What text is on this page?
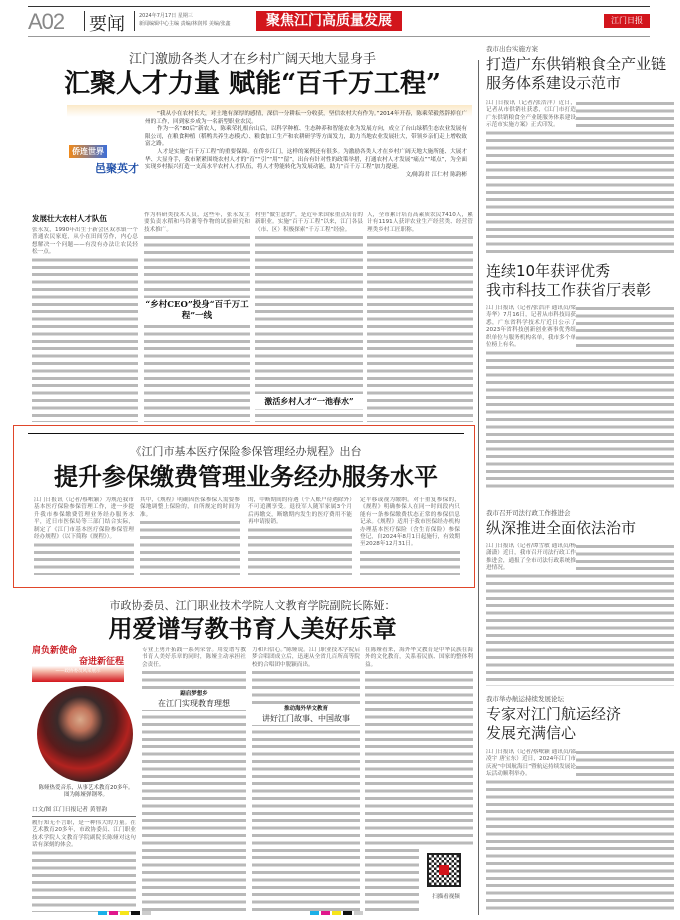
A02 要闻	2024年7月17日 星期三
新闻编辑中心主编 责编/林润邦 美编/张鑫	聚焦江门高质量发展	江门日报
江门激励各类人才在乡村广阔天地大显身手
汇聚人才力量 赋能“百千万工程”
侨连世界
邑聚英才

“我从小在农村长大，对土地有深厚的感情，深信一分耕耘一分收获，坚信农村大有作为。”2014年开春，陈乘荣毅然辞掉在广州的工作，回到家乡成为一名新型职业农民。

作为一名“80后”新农人，陈乘荣扎根台山后，以科学种植、生态种养和智能农业为发展方向，成立了台山绿稻生态农业发展有限公司，在粮食种植（稻鸭共养生态模式）、粮食加工生产和农耕研学等方面发力，助力当地农业发展壮大，带领乡亲们走上增收致富之路。

人才是实施“百千万工程”的重要保障。在侨乡江门，这样的案例还有很多。为激励各类人才在乡村广阔天地大施所能、大展才华、大显身手，我市紧紧围绕农村人才的“育”“引”“用”“留”，出台有针对性的政策举措，打通农村人才发展“痛点”“堵点”，为全面实现乡村振兴打造一支高水平农村人才队伍，将人才势能转化为发展动能，助力“百千万工程”加力提速。

文/陈海君 江仁村 陈韵彬

发展壮大农村人才队伍
张永发，1990年出生于新会区双水镇一个普通农民家庭，从小在田间劳作，内心总想解决一个问题——有没有办法让农民轻松一点。
作为科研类技术人员，这些年，张永发主要负责水稻和马铃薯等作物的试验研究和技术推广。
“乡村CEO”投身“百千万工程”一线
村里“做生意的”，是近年来国家重点培育的新职业。实施“百千万工程”以来，江门各县（市、区）积极探索“千万工程”经验。
激活乡村人才“一池春水”
人，全市累计培育高素质农民7410人，累计有1191人获评农业生产经营类、经营管理类乡村工匠职称。
《江门市基本医疗保险参保管理经办规程》出台
提升参保缴费管理业务经办服务水平
江门日报讯（记者/蔡岷颖）为规范我市基本医疗保险参保管理工作，进一步提升我市参保缴费管理业务经办服务水平，近日市医保局等三部门结合实际，制定了《江门市基本医疗保险参保管理经办规程》（以下简称《规程》）。
其中，《规程》明确因医保参保人需要参保地调整上保险的，自所规定的时间为准。
的，中断期间的待遇（个人账户待遇除外）不可追溯享受。退役军人随军家属3个月后再缴交，断缴期内发生的医疗费用不能再申请报销。
定平移或视为缴纳。对于重复参保的，《规程》明确参保人在同一时间段内只能有一条参保缴费状态正常的参保信息记录。《规程》适用于我市医保经办机构办理基本医疗保险（含生育保险）参保登记，自2024年8月1日起施行，有效期至2028年12月31日。
市政协委员、江门职业技术学院人文教育学院副院长陈娅：
用爱谱写教书育人美好乐章
肩负新使命
奋进新征程
——政协委员风采展示
陈娅热爱音乐，从事艺术教育20多年。图为陈娅弹钢琴。
口文/图 江门日报记者 黄智韵
履行知无不言职，是一种伟大的力量。在艺术教育20多年，市政协委员、江门职业技术学院人文教育学院副院长陈娅对这句话有深刻的体会。
专业上勇开拓践一系列荣誉。用爱谱写教书育人美好乐章的同时，陈娅主动承担社会责任。
踮启梦想乡
在江门实现教育理想
力和归信心。”陈娅说。江门职业技术学院启梦合唱团成立后，迅速从全省几百所高等院校的合唱团中脱颖而出。
推动海外华文教育
讲好江门故事、中国故事
在陈娅看来，海外华文教育是中华民族在海外的文化教育，关系着民族、国家的整体利益。
扫描看视频
我市出台实施方案
打造广东供销粮食全产业链
服务体系建设示范市
江门日报讯（记者/张浩洋）近日，记者从市供销社获悉，《江门市打造广东供销粮食全产业链服务体系建设示范市实施方案》正式印发。
连续10年获评优秀
我市科技工作获省厅表彰
江门日报讯（记者/张浩洋 通讯员/梁寿华）7月16日，记者从市科技局获悉，广东省科学技术厅近日公示了2023年省科技创新创业赛事优秀组织单位与服务机构名单，我市多个单位榜上有名。
我市召开司法行政工作推进会
纵深推进全面依法治市
江门日报讯（记者/谭雪敏 通讯员/杨潇潇）近日，我市召开司法行政工作推进会，通报了全市司法行政系统推进情况。
我市举办航运持续发展论坛
专家对江门航运经济
发展充满信心
江门日报讯（记者/蔡岷颖 通讯员/邵凌宇 唐宝东）近日，2024年江门市庆祝“中国航海日”暨航运持续发展论坛活动顺利举办。
